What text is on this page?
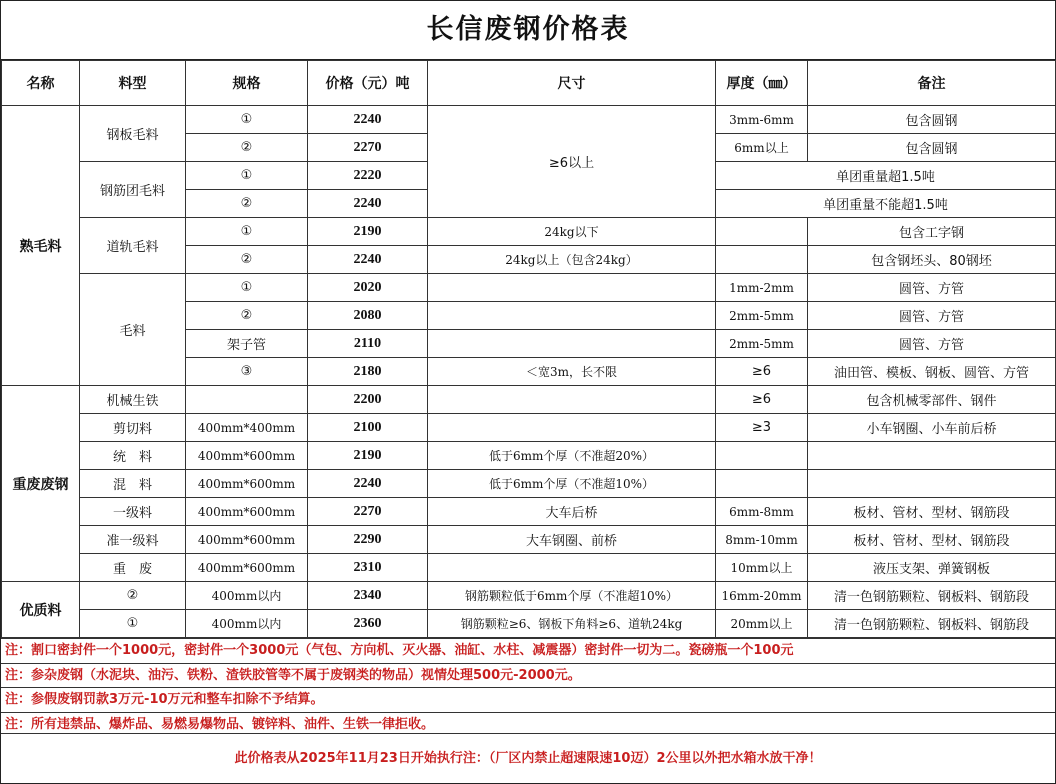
长信废钢价格表
名称	料型	规格	价格（元）吨	尺寸	厚度（㎜）	备注
熟毛料	钢板毛料	①	2240	≥6以上	3mm-6mm	包含圆钢
		②	2270		6mm以上	包含圆钢
	钢筋团毛料	①	2220		单团重量超1.5吨	
		②	2240		单团重量不能超1.5吨	
	道轨毛料	①	2190	24kg以下		包含工字钢
		②	2240	24kg以上（包含24kg）		包含钢坯头、80钢坯
	毛料	①	2020		1mm-2mm	圆管、方管
		②	2080		2mm-5mm	圆管、方管
		架子管	2110		2mm-5mm	圆管、方管
		③	2180	＜宽3m，长不限	≥6	油田管、模板、钢板、圆管、方管
重废废钢	机械生铁		2200		≥6	包含机械零部件、钢件
	剪切料	400mm*400mm	2100		≥3	小车钢圈、小车前后桥
	统　料	400mm*600mm	2190	低于6mm个厚（不准超20%）		
	混　料	400mm*600mm	2240	低于6mm个厚（不准超10%）		
	一级料	400mm*600mm	2270	大车后桥	6mm-8mm	板材、管材、型材、钢筋段
	准一级料	400mm*600mm	2290	大车钢圈、前桥	8mm-10mm	板材、管材、型材、钢筋段
	重　废	400mm*600mm	2310		10mm以上	液压支架、弹簧钢板
优质料	②	400mm以内	2340	钢筋颗粒低于6mm个厚（不准超10%）	16mm-20mm	清一色钢筋颗粒、钢板料、钢筋段
	①	400mm以内	2360	钢筋颗粒≥6、钢板下角料≥6、道轨24kg	20mm以上	清一色钢筋颗粒、钢板料、钢筋段
注：割口密封件一个1000元，密封件一个3000元（气包、方向机、灭火器、油缸、水柱、减震器）密封件一切为二。瓷磅瓶一个100元
注：参杂废钢（水泥块、油污、铁粉、渣铁胶管等不属于废钢类的物品）视情处理500元-2000元。
注：参假废钢罚款3万元-10万元和整车扣除不予结算。
注：所有违禁品、爆炸品、易燃易爆物品、镀锌料、油件、生铁一律拒收。
此价格表从2025年11月23日开始执行注：（厂区内禁止超速限速10迈）2公里以外把水箱水放干净！
